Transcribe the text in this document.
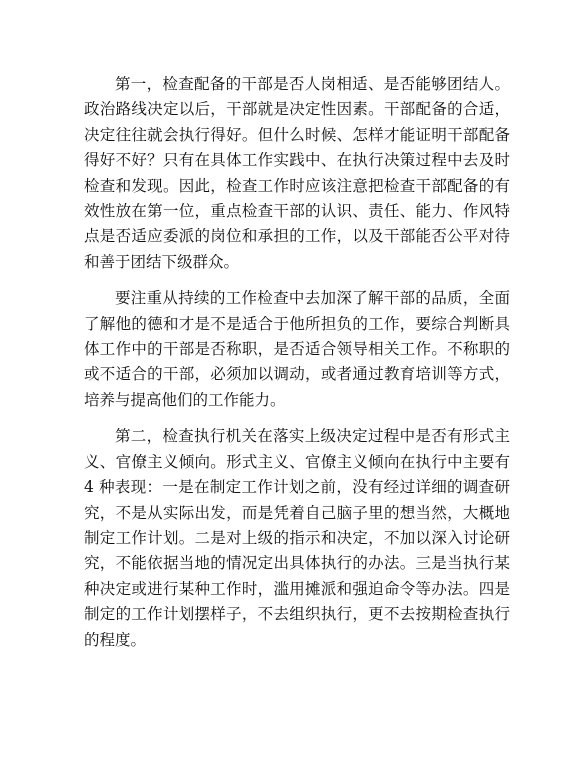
第一，检查配备的干部是否人岗相适、是否能够团结人。政治路线决定以后，干部就是决定性因素。干部配备的合适，决定往往就会执行得好。但什么时候、怎样才能证明干部配备得好不好？只有在具体工作实践中、在执行决策过程中去及时检查和发现。因此，检查工作时应该注意把检查干部配备的有效性放在第一位，重点检查干部的认识、责任、能力、作风特点是否适应委派的岗位和承担的工作，以及干部能否公平对待和善于团结下级群众。

要注重从持续的工作检查中去加深了解干部的品质，全面了解他的德和才是不是适合于他所担负的工作，要综合判断具体工作中的干部是否称职，是否适合领导相关工作。不称职的或不适合的干部，必须加以调动，或者通过教育培训等方式，培养与提高他们的工作能力。

第二，检查执行机关在落实上级决定过程中是否有形式主义、官僚主义倾向。形式主义、官僚主义倾向在执行中主要有 4 种表现：一是在制定工作计划之前，没有经过详细的调查研究，不是从实际出发，而是凭着自己脑子里的想当然，大概地制定工作计划。二是对上级的指示和决定，不加以深入讨论研究，不能依据当地的情况定出具体执行的办法。三是当执行某种决定或进行某种工作时，滥用摊派和强迫命令等办法。四是制定的工作计划摆样子，不去组织执行，更不去按期检查执行的程度。
